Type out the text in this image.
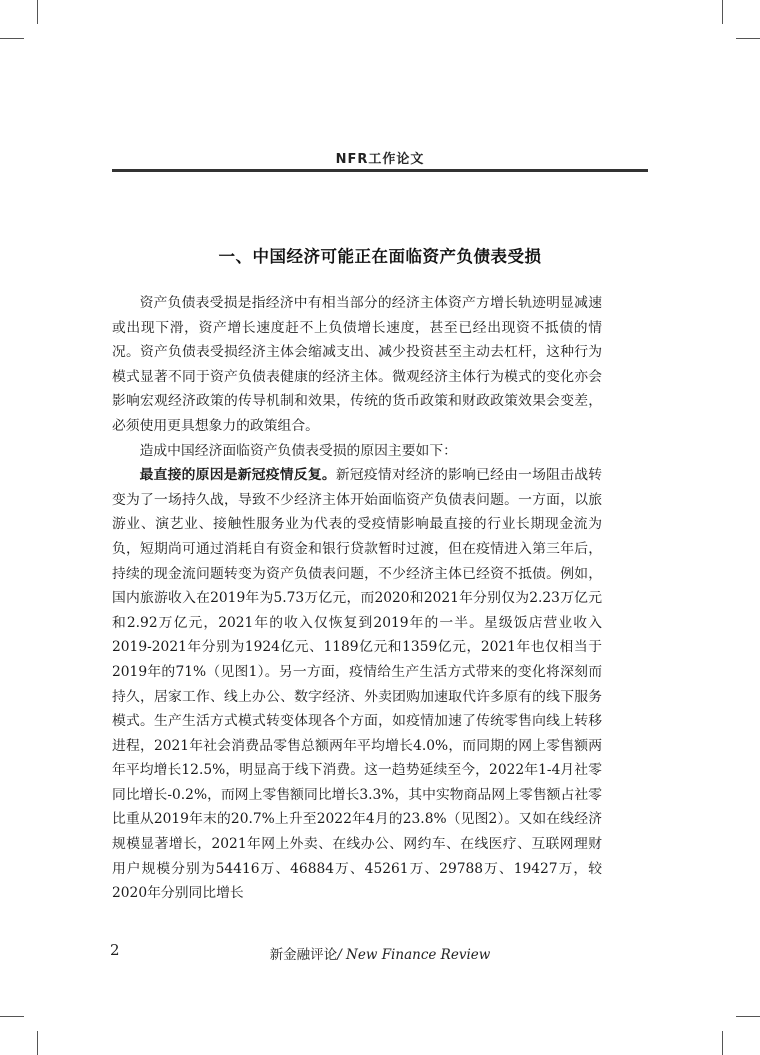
NFR工作论文
一、中国经济可能正在面临资产负债表受损

资产负债表受损是指经济中有相当部分的经济主体资产方增长轨迹明显减速或出现下滑，资产增长速度赶不上负债增长速度，甚至已经出现资不抵债的情况。资产负债表受损经济主体会缩减支出、减少投资甚至主动去杠杆，这种行为模式显著不同于资产负债表健康的经济主体。微观经济主体行为模式的变化亦会影响宏观经济政策的传导机制和效果，传统的货币政策和财政政策效果会变差，必须使用更具想象力的政策组合。

造成中国经济面临资产负债表受损的原因主要如下：

最直接的原因是新冠疫情反复。新冠疫情对经济的影响已经由一场阻击战转变为了一场持久战，导致不少经济主体开始面临资产负债表问题。一方面，以旅游业、演艺业、接触性服务业为代表的受疫情影响最直接的行业长期现金流为负，短期尚可通过消耗自有资金和银行贷款暂时过渡，但在疫情进入第三年后，持续的现金流问题转变为资产负债表问题，不少经济主体已经资不抵债。例如，国内旅游收入在2019年为5.73万亿元，而2020和2021年分别仅为2.23万亿元和2.92万亿元，2021年的收入仅恢复到2019年的一半。星级饭店营业收入2019-2021年分别为1924亿元、1189亿元和1359亿元，2021年也仅相当于2019年的71%（见图1）。另一方面，疫情给生产生活方式带来的变化将深刻而持久，居家工作、线上办公、数字经济、外卖团购加速取代许多原有的线下服务模式。生产生活方式模式转变体现各个方面，如疫情加速了传统零售向线上转移进程，2021年社会消费品零售总额两年平均增长4.0%，而同期的网上零售额两年平均增长12.5%，明显高于线下消费。这一趋势延续至今，2022年1-4月社零同比增长-0.2%，而网上零售额同比增长3.3%，其中实物商品网上零售额占社零比重从2019年末的20.7%上升至2022年4月的23.8%（见图2）。又如在线经济规模显著增长，2021年网上外卖、在线办公、网约车、在线医疗、互联网理财用户规模分别为54416万、46884万、45261万、29788万、19427万，较2020年分别同比增长

2	新金融评论/ New Finance Review
